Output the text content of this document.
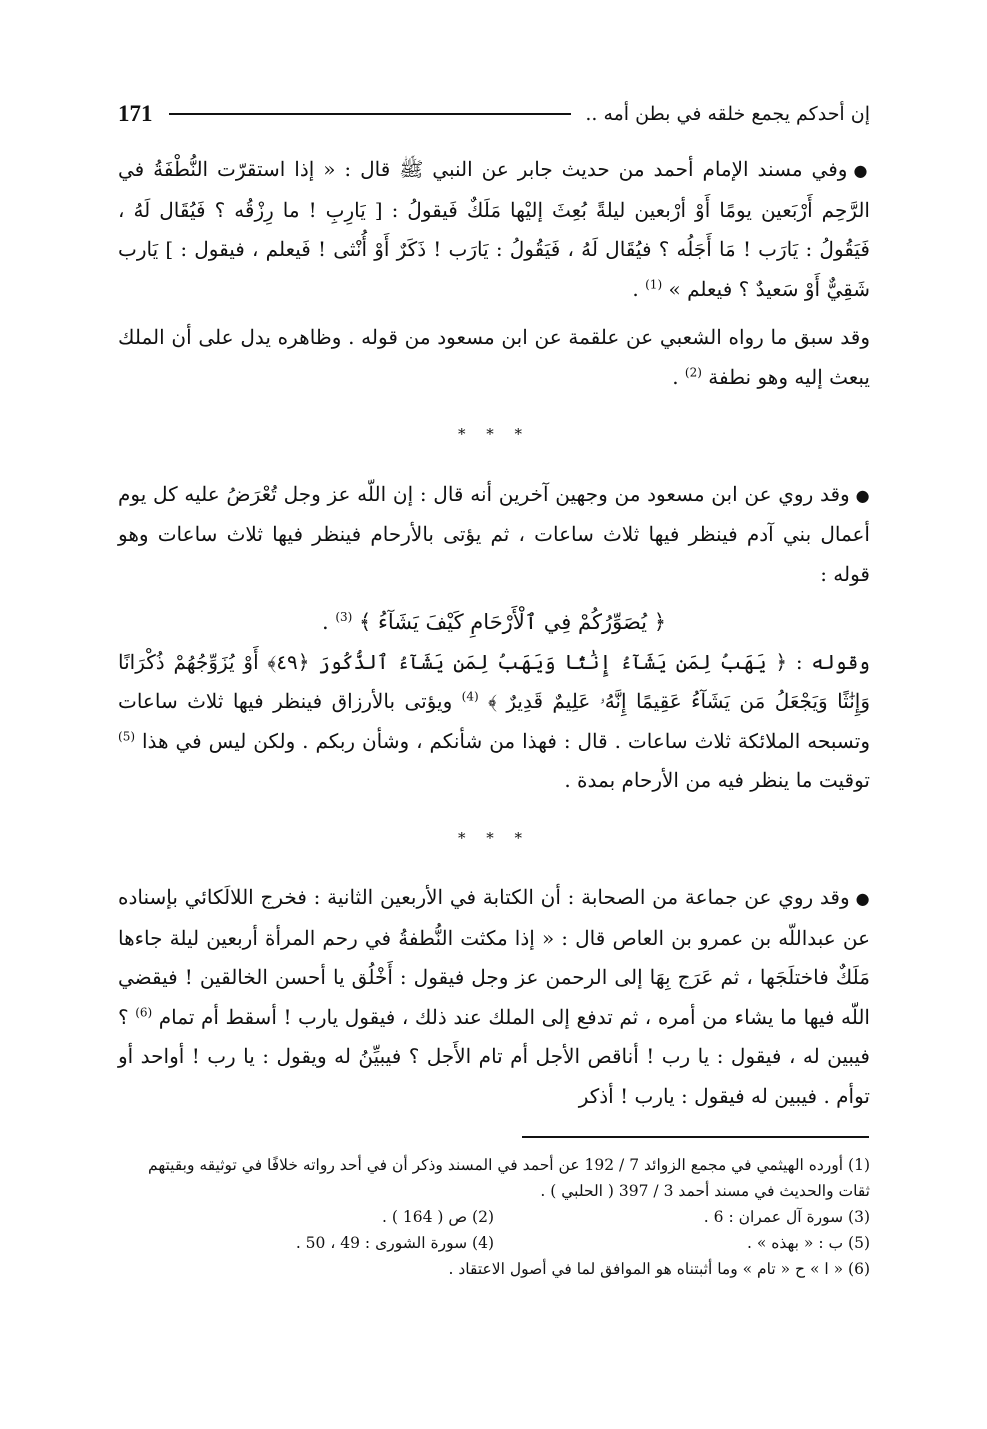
171	إن أحدكم يجمع خلقه في بطن أمه ..

●وفي مسند الإمام أحمد من حديث جابر عن النبي ﷺ قال : « إذا استقرّت النُّطْفَةُ في الرَّحِم أَرْبَعين يومًا أَوْ أرْبعين ليلةً بُعِثَ إليْها مَلَكٌ فَيقولُ : [ يَارِبِ ! ما رِزْقُه ؟ فَيُقَال لَهُ ، فَيَقُولُ : يَارَب ! مَا أَجَلُه ؟ فيُقَال لَهُ ، فَيَقُولُ : يَارَب ! ذَكَرٌ أَوْ أُنْثى ! فَيعلم ، فيقول : ] يَارب شَقِيٌّ أَوْ سَعيدٌ ؟ فيعلم » $^{(1)}$ .

وقد سبق ما رواه الشعبي عن علقمة عن ابن مسعود من قوله . وظاهره يدل على أن الملك يبعث إليه وهو نطفة $^{(2)}$ .

* * *

●وقد روي عن ابن مسعود من وجهين آخرين أنه قال : إن اللّه عز وجل تُعْرَضُ عليه كل يوم أعمال بني آدم فينظر فيها ثلاث ساعات ، ثم يؤتى بالأرحام فينظر فيها ثلاث ساعات وهو قوله :

﴿ يُصَوِّرُكُمْ فِي ٱلْأَرْحَامِ كَيْفَ يَشَآءُ ﴾ $^{(3)}$ .

وقوله : ﴿ يَهَبُ لِمَن يَشَآءُ إِنَٰثًا وَيَهَبُ لِمَن يَشَآءُ ٱلذُّكُورَ ﴿٤٩﴾ أَوْ يُزَوِّجُهُمْ ذُكْرَانًا وَإِنَٰثًا وَيَجْعَلُ مَن يَشَآءُ عَقِيمًا إِنَّهُۥ عَلِيمٌ قَدِيرٌ ﴾ $^{(4)}$ ويؤتى بالأرزاق فينظر فيها ثلاث ساعات وتسبحه الملائكة ثلاث ساعات . قال : فهذا من شأنكم ، وشأن ربكم . ولكن ليس في هذا $^{(5)}$ توقيت ما ينظر فيه من الأرحام بمدة .

* * *

●وقد روي عن جماعة من الصحابة : أن الكتابة في الأربعين الثانية : فخرج اللالَكائي بإسناده عن عبداللّه بن عمرو بن العاص قال : « إذا مكثت النُّطفةُ في رحم المرأة أربعين ليلة جاءها مَلَكٌ فاختلَجَها ، ثم عَرَج بِهَا إلى الرحمن عز وجل فيقول : أَخْلُق يا أحسن الخالقين ! فيقضي اللّه فيها ما يشاء من أمره ، ثم تدفع إلى الملك عند ذلك ، فيقول يارب ! أسقط أم تمام $^{(6)}$ ؟ فيبين له ، فيقول : يا رب ! أناقص الأجل أم تام الأَجل ؟ فيبيِّنُ له ويقول : يا رب ! أواحد أو توأم . فيبين له فيقول : يارب ! أذكر

(1) أورده الهيثمي في مجمع الزوائد 7 / 192 عن أحمد في المسند وذكر أن في أحد رواته خلافًا في توثيقه وبقيتهم ثقات والحديث في مسند أحمد 3 / 397 ( الحلبي ) .

(3) سورة آل عمران : 6 .
(2) ص ( 164 ) .
(5) ب : « بهذه » .
(4) سورة الشورى : 49 ، 50 .

(6) « ا » ح « تام » وما أثبتناه هو الموافق لما في أصول الاعتقاد .
